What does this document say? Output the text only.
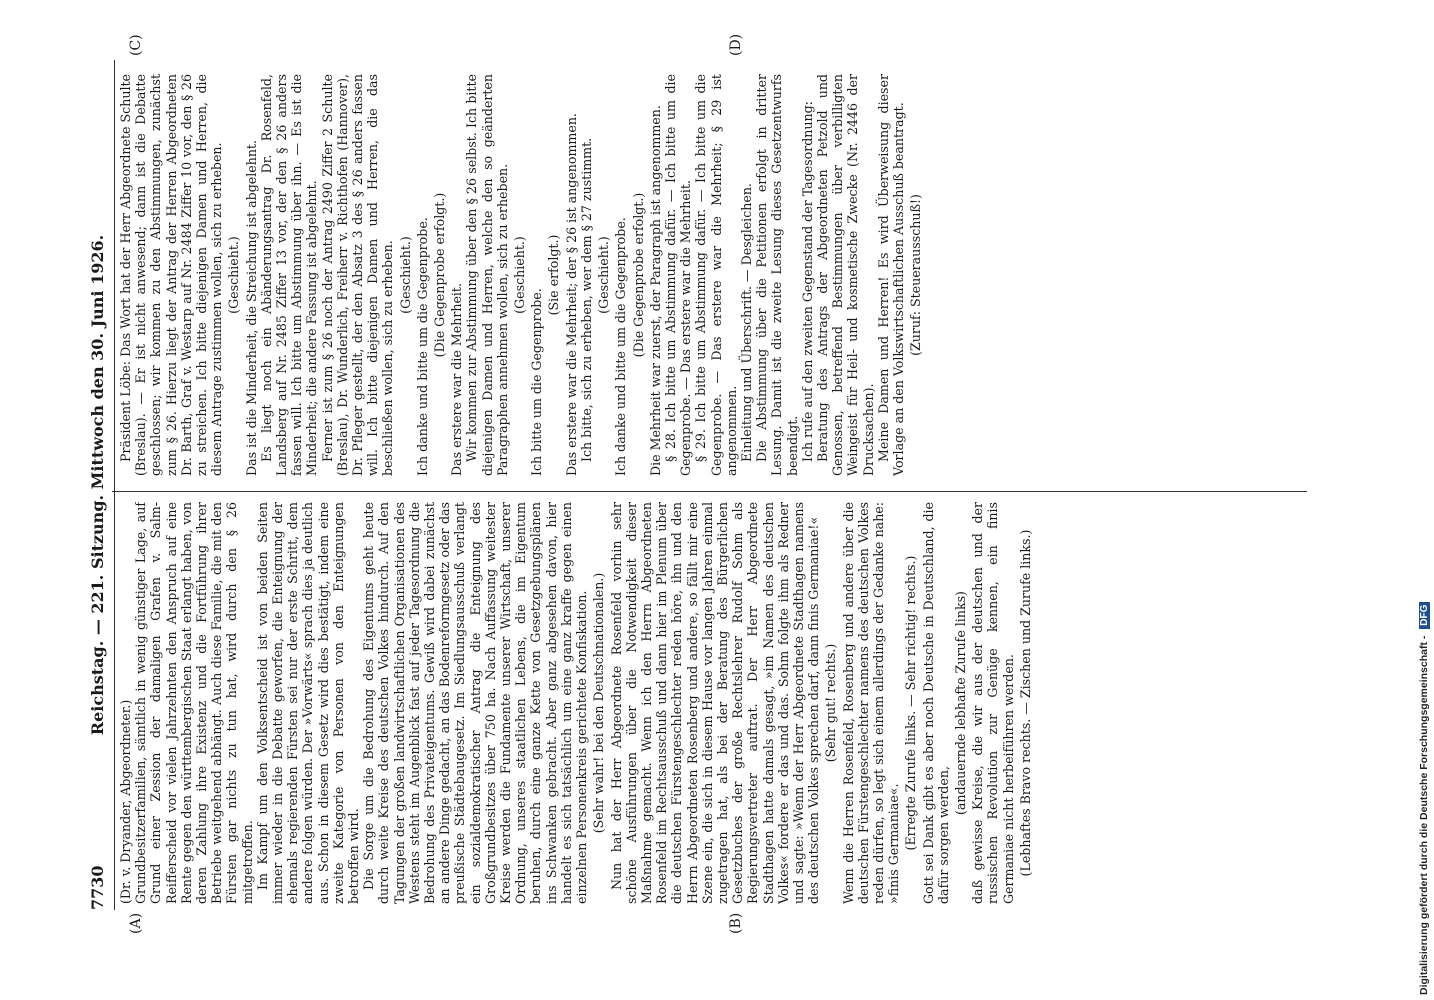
7730
Reichstag. — 221. Sitzung. Mittwoch den 30. Juni 1926.
(A)	(B)
(C)	(D)

(Dr. v. Dryander, Abgeordneter.) Grundbesitzerfamilien, sämtlich in wenig günstiger Lage, auf Grund einer Zession der damaligen Grafen v. Salm-Reifferscheid vor vielen Jahrzehnten den Anspruch auf eine Rente gegen den württembergischen Staat erlangt haben, von deren Zahlung ihre Existenz und die Fortführung ihrer Betriebe weitgehend abhängt. Auch diese Familie, die mit den Fürsten gar nichts zu tun hat, wird durch den § 26 mitgetroffen. Im Kampf um den Volksentscheid ist von beiden Seiten immer wieder in die Debatte geworfen, die Enteignung der ehemals regierenden Fürsten sei nur der erste Schritt, dem andere folgen würden. Der »Vorwärts« sprach dies ja deutlich aus. Schon in diesem Gesetz wird dies bestätigt, indem eine zweite Kategorie von Personen von den Enteignungen betroffen wird. Die Sorge um die Bedrohung des Eigentums geht heute durch weite Kreise des deutschen Volkes hindurch. Auf den Tagungen der großen landwirtschaftlichen Organisationen des Westens steht im Augenblick fast auf jeder Tagesordnung die Bedrohung des Privateigentums. Gewiß wird dabei zunächst an andere Dinge gedacht, an das Bodenreformgesetz oder das preußische Städtebaugesetz. Im Siedlungsausschuß verlangt ein sozialdemokratischer Antrag die Enteignung des Großgrundbesitzes über 750 ha. Nach Auffassung weitester Kreise werden die Fundamente unserer Wirtschaft, unserer Ordnung, unseres staatlichen Lebens, die im Eigentum beruhen, durch eine ganze Kette von Gesetzgebungsplänen ins Schwanken gebracht. Aber ganz abgesehen davon, hier handelt es sich tatsächlich um eine ganz kraffe gegen einen einzelnen Personenkreis gerichtete Konfiskation. (Sehr wahr! bei den Deutschnationalen.) Nun hat der Herr Abgeordnete Rosenfeld vorhin sehr schöne Ausführungen über die Notwendigkeit dieser Maßnahme gemacht. Wenn ich den Herrn Abgeordneten Rosenfeld im Rechtsausschuß und dann hier im Plenum über die deutschen Fürstengeschlechter reden höre, ihn und den Herrn Abgeordneten Rosenberg und andere, so fällt mir eine Szene ein, die sich in diesem Hause vor langen Jahren einmal zugetragen hat, als bei der Beratung des Bürgerlichen Gesetzbuches der große Rechtslehrer Rudolf Sohm als Regierungsvertreter auftrat. Der Herr Abgeordnete Stadthagen hatte damals gesagt, »im Namen des deutschen Volkes« fordere er das und das. Sohm folgte ihm als Redner und sagte: »Wenn der Herr Abgeordnete Stadthagen namens des deutschen Volkes sprechen darf, dann finis Germaniae!« (Sehr gut! rechts.) Wenn die Herren Rosenfeld, Rosenberg und andere über die deutschen Fürstengeschlechter namens des deutschen Volkes reden dürfen, so legt sich einem allerdings der Gedanke nahe: »finis Germaniae«. (Erregte Zurufe links. — Sehr richtig! rechts.) Gott sei Dank gibt es aber noch Deutsche in Deutschland, die dafür sorgen werden,

(andauernde lebhafte Zurufe links) daß gewisse Kreise, die wir aus der deutschen und der russischen Revolution zur Genüge kennen, ein finis Germaniae nicht herbeiführen werden. (Lebhaftes Bravo rechts. — Zischen und Zurufe links.)

Präsident Löbe: Das Wort hat der Herr Abgeordnete Schulte (Breslau). — Er ist nicht anwesend; dann ist die Debatte geschlossen; wir kommen zu den Abstimmungen, zunächst zum § 26. Hierzu liegt der Antrag der Herren Abgeordneten Dr. Barth, Graf v. Westarp auf Nr. 2484 Ziffer 10 vor, den § 26 zu streichen. Ich bitte diejenigen Damen und Herren, die diesem Antrage zustimmen wollen, sich zu erheben. (Geschieht.) Das ist die Minderheit, die Streichung ist abgelehnt. Es liegt noch ein Abänderungsantrag Dr. Rosenfeld, Landsberg auf Nr. 2485 Ziffer 13 vor, der den § 26 anders fassen will. Ich bitte um Abstimmung über ihn. — Es ist die Minderheit; die andere Fassung ist abgelehnt. Ferner ist zum § 26 noch der Antrag 2490 Ziffer 2 Schulte (Breslau), Dr. Wunderlich, Freiherr v. Richthofen (Hannover), Dr. Pfleger gestellt, der den Absatz 3 des § 26 anders fassen will. Ich bitte diejenigen Damen und Herren, die das beschließen wollen, sich zu erheben. (Geschieht.) Ich danke und bitte um die Gegenprobe. (Die Gegenprobe erfolgt.)

Das erstere war die Mehrheit. Wir kommen zur Abstimmung über den § 26 selbst. Ich bitte diejenigen Damen und Herren, welche den so geänderten Paragraphen annehmen wollen, sich zu erheben. (Geschieht.)

Ich bitte um die Gegenprobe.

(Sie erfolgt.) Das erstere war die Mehrheit; der § 26 ist angenommen. Ich bitte, sich zu erheben, wer dem § 27 zustimmt. (Geschieht.) Ich danke und bitte um die Gegenprobe. (Die Gegenprobe erfolgt.) Die Mehrheit war zuerst, der Paragraph ist angenommen. § 28. Ich bitte um Abstimmung dafür. — Ich bitte um die Gegenprobe. — Das erstere war die Mehrheit. § 29. Ich bitte um Abstimmung dafür. — Ich bitte um die Gegenprobe. — Das erstere war die Mehrheit; § 29 ist angenommen. Einleitung und Überschrift. — Desgleichen. Die Abstimmung über die Petitionen erfolgt in dritter Lesung. Damit ist die zweite Lesung dieses Gesetzentwurfs beendigt. Ich rufe auf den zweiten Gegenstand der Tagesordnung: Beratung des Antrags der Abgeordneten Petzold und Genossen, betreffend Bestimmungen über verbilligten Weingeist für Heil- und kosmetische Zwecke (Nr. 2446 der Drucksachen). Meine Damen und Herren! Es wird Überweisung dieser Vorlage an den Volkswirtschaftlichen Ausschuß beantragt. (Zuruf: Steuerausschuß!)

Digitalisierung gefördert durch die Deutsche Forschungsgemeinschaft - DFG
